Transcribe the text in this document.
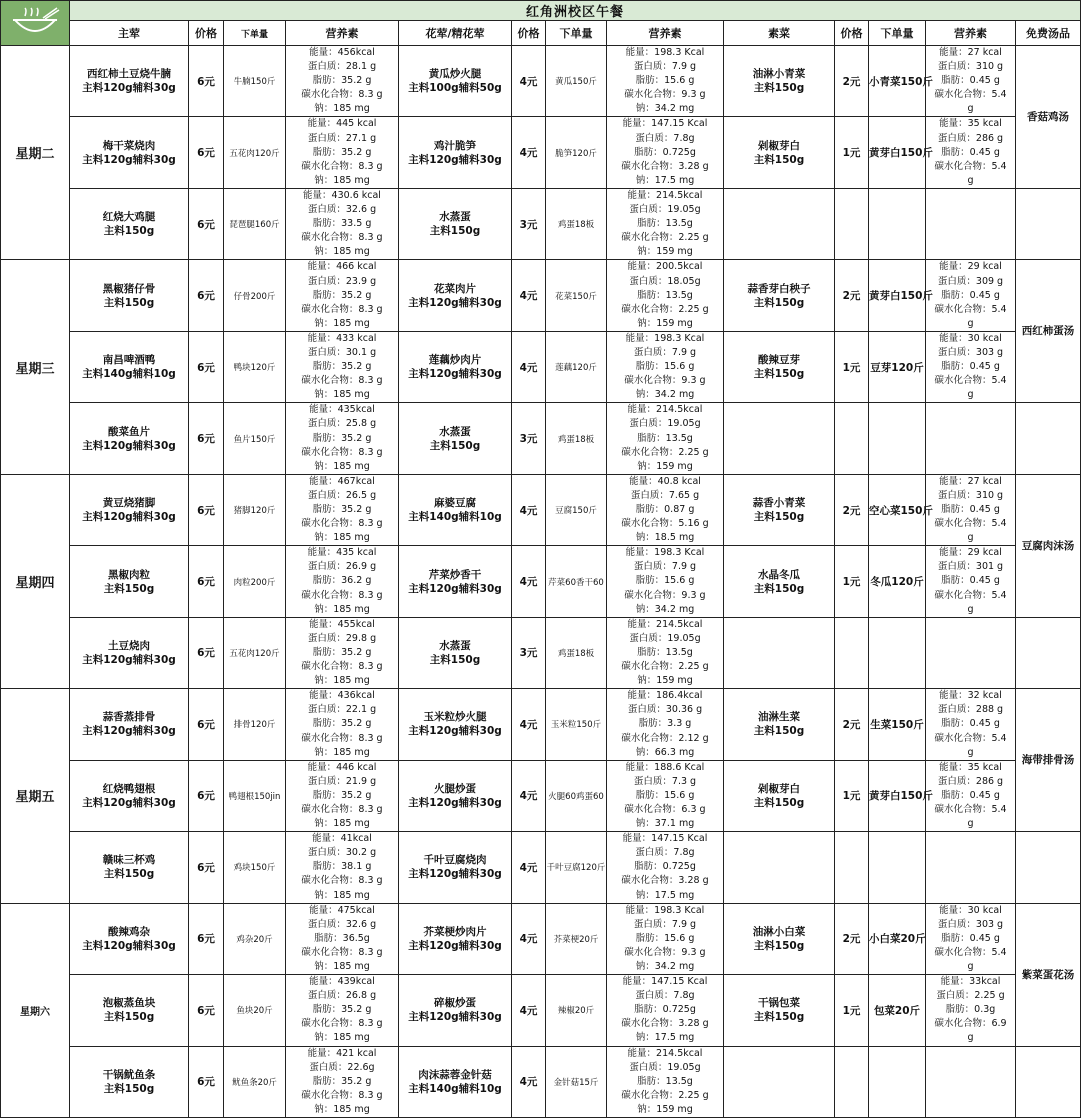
	红角洲校区午餐												
	主荤	价格	下单量	营养素	花荤/精花荤	价格	下单量	营养素	素菜	价格	下单量	营养素	免费汤品
星期二	西红柿土豆烧牛腩
主料120g辅料30g	6元	牛腩150斤	能量：456kcal
蛋白质：28.1 g
脂肪：35.2 g
碳水化合物：8.3 g
钠：185 mg	黄瓜炒火腿
主料100g辅料50g	4元	黄瓜150斤	能量：198.3 Kcal
蛋白质：7.9 g
脂肪：15.6 g
碳水化合物：9.3 g
钠：34.2 mg	油淋小青菜
主料150g	2元	小青菜150斤	能量：27 kcal
蛋白质：310 g
脂肪：0.45 g
碳水化合物：5.4
g	香菇鸡汤

	梅干菜烧肉
主料120g辅料30g	6元	五花肉120斤	能量：445 kcal
蛋白质：27.1 g
脂肪：35.2 g
碳水化合物：8.3 g
钠：185 mg	鸡汁脆笋
主料120g辅料30g	4元	脆笋120斤	能量：147.15 Kcal
蛋白质：7.8g
脂肪：0.725g
碳水化合物：3.28 g
钠：17.5 mg	剁椒芽白
主料150g	1元	黄芽白150斤	能量：35 kcal
蛋白质：286 g
脂肪：0.45 g
碳水化合物：5.4
g	

	红烧大鸡腿
主料150g	6元	琵琶腿160斤	能量：430.6 kcal
蛋白质：32.6 g
脂肪：33.5 g
碳水化合物：8.3 g
钠：185 mg	水蒸蛋
主料150g	3元	鸡蛋18板	能量：214.5kcal
蛋白质：19.05g
脂肪：13.5g
碳水化合物：2.25 g
钠：159 mg					

星期三	黑椒猪仔骨
主料150g	6元	仔骨200斤	能量：466 kcal
蛋白质：23.9 g
脂肪：35.2 g
碳水化合物：8.3 g
钠：185 mg	花菜肉片
主料120g辅料30g	4元	花菜150斤	能量：200.5kcal
蛋白质：18.05g
脂肪：13.5g
碳水化合物：2.25 g
钠：159 mg	蒜香芽白秧子
主料150g	2元	黄芽白150斤	能量：29 kcal
蛋白质：309 g
脂肪：0.45 g
碳水化合物：5.4
g	西红柿蛋汤

	南昌啤酒鸭
主料140g辅料10g	6元	鸭块120斤	能量：433 kcal
蛋白质：30.1 g
脂肪：35.2 g
碳水化合物：8.3 g
钠：185 mg	莲藕炒肉片
主料120g辅料30g	4元	莲藕120斤	能量：198.3 Kcal
蛋白质：7.9 g
脂肪：15.6 g
碳水化合物：9.3 g
钠：34.2 mg	酸辣豆芽
主料150g	1元	豆芽120斤	能量：30 kcal
蛋白质：303 g
脂肪：0.45 g
碳水化合物：5.4
g	

	酸菜鱼片
主料120g辅料30g	6元	鱼片150斤	能量：435kcal
蛋白质：25.8 g
脂肪：35.2 g
碳水化合物：8.3 g
钠：185 mg	水蒸蛋
主料150g	3元	鸡蛋18板	能量：214.5kcal
蛋白质：19.05g
脂肪：13.5g
碳水化合物：2.25 g
钠：159 mg					

星期四	黄豆烧猪脚
主料120g辅料30g	6元	猪脚120斤	能量：467kcal
蛋白质：26.5 g
脂肪：35.2 g
碳水化合物：8.3 g
钠：185 mg	麻婆豆腐
主料140g辅料10g	4元	豆腐150斤	能量：40.8 kcal
蛋白质：7.65 g
脂肪：0.87 g
碳水化合物：5.16 g
钠：18.5 mg	蒜香小青菜
主料150g	2元	空心菜150斤	能量：27 kcal
蛋白质：310 g
脂肪：0.45 g
碳水化合物：5.4
g	豆腐肉沫汤

	黑椒肉粒
主料150g	6元	肉粒200斤	能量：435 kcal
蛋白质：26.9 g
脂肪：36.2 g
碳水化合物：8.3 g
钠：185 mg	芹菜炒香干
主料120g辅料30g	4元	芹菜60香干60	能量：198.3 Kcal
蛋白质：7.9 g
脂肪：15.6 g
碳水化合物：9.3 g
钠：34.2 mg	水晶冬瓜
主料150g	1元	冬瓜120斤	能量：29 kcal
蛋白质：301 g
脂肪：0.45 g
碳水化合物：5.4
g	

	土豆烧肉
主料120g辅料30g	6元	五花肉120斤	能量：455kcal
蛋白质：29.8 g
脂肪：35.2 g
碳水化合物：8.3 g
钠：185 mg	水蒸蛋
主料150g	3元	鸡蛋18板	能量：214.5kcal
蛋白质：19.05g
脂肪：13.5g
碳水化合物：2.25 g
钠：159 mg					

星期五	蒜香蒸排骨
主料120g辅料30g	6元	排骨120斤	能量：436kcal
蛋白质：22.1 g
脂肪：35.2 g
碳水化合物：8.3 g
钠：185 mg	玉米粒炒火腿
主料120g辅料30g	4元	玉米粒150斤	能量：186.4kcal
蛋白质：30.36 g
脂肪：3.3 g
碳水化合物：2.12 g
钠：66.3 mg	油淋生菜
主料150g	2元	生菜150斤	能量：32 kcal
蛋白质：288 g
脂肪：0.45 g
碳水化合物：5.4
g	海带排骨汤

	红烧鸭翅根
主料120g辅料30g	6元	鸭翅根150jin	能量：446 kcal
蛋白质：21.9 g
脂肪：35.2 g
碳水化合物：8.3 g
钠：185 mg	火腿炒蛋
主料120g辅料30g	4元	火腿60鸡蛋60	能量：188.6 Kcal
蛋白质：7.3 g
脂肪：15.6 g
碳水化合物：6.3 g
钠：37.1 mg	剁椒芽白
主料150g	1元	黄芽白150斤	能量：35 kcal
蛋白质：286 g
脂肪：0.45 g
碳水化合物：5.4
g	

	赣味三杯鸡
主料150g	6元	鸡块150斤	能量：41kcal
蛋白质：30.2 g
脂肪：38.1 g
碳水化合物：8.3 g
钠：185 mg	千叶豆腐烧肉
主料120g辅料30g	4元	千叶豆腐120斤	能量：147.15 Kcal
蛋白质：7.8g
脂肪：0.725g
碳水化合物：3.28 g
钠：17.5 mg					

星期六	酸辣鸡杂
主料120g辅料30g	6元	鸡杂20斤	能量：475kcal
蛋白质：32.6 g
脂肪：36.5g
碳水化合物：8.3 g
钠：185 mg	芥菜梗炒肉片
主料120g辅料30g	4元	芥菜梗20斤	能量：198.3 Kcal
蛋白质：7.9 g
脂肪：15.6 g
碳水化合物：9.3 g
钠：34.2 mg	油淋小白菜
主料150g	2元	小白菜20斤	能量：30 kcal
蛋白质：303 g
脂肪：0.45 g
碳水化合物：5.4
g	紫菜蛋花汤

	泡椒蒸鱼块
主料150g	6元	鱼块20斤	能量：439kcal
蛋白质：26.8 g
脂肪：35.2 g
碳水化合物：8.3 g
钠：185 mg	碎椒炒蛋
主料120g辅料30g	4元	辣椒20斤	能量：147.15 Kcal
蛋白质：7.8g
脂肪：0.725g
碳水化合物：3.28 g
钠：17.5 mg	干锅包菜
主料150g	1元	包菜20斤	能量：33kcal
蛋白质：2.25 g
脂肪：0.3g
碳水化合物：6.9
g	

	干锅鱿鱼条
主料150g	6元	鱿鱼条20斤	能量：421 kcal
蛋白质：22.6g
脂肪：35.2 g
碳水化合物：8.3 g
钠：185 mg	肉沫蒜蓉金针菇
主料140g辅料10g	4元	金针菇15斤	能量：214.5kcal
蛋白质：19.05g
脂肪：13.5g
碳水化合物：2.25 g
钠：159 mg					
